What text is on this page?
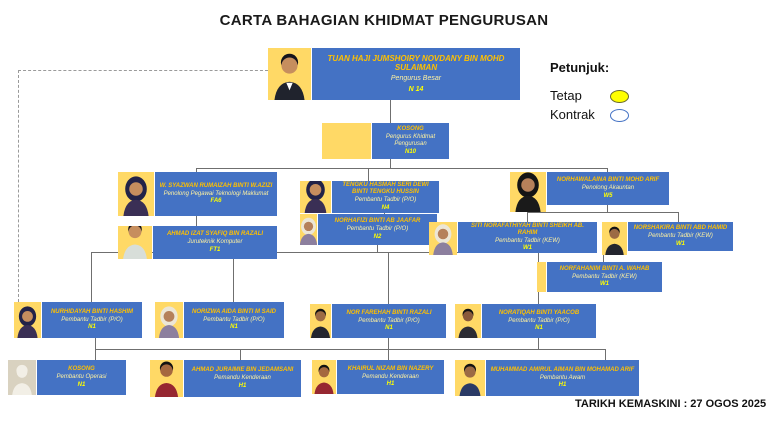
CARTA BAHAGIAN KHIDMAT PENGURUSAN
Petunjuk:
Tetap
Kontrak
TUAN HAJI JUMSHOIRY NOVDANY BIN MOHD SULAIMAN
Pengurus Besar
N 14
KOSONG
Pengurus Khidmat Pengurusan
N10
W. SYAZWAN RUMAIZAH BINTI W.AZIZI
Penolong Pegawai Teknologi Maklumat
FA6
AHMAD IZAT SYAFIQ BIN RAZALI
Juruteknik Komputer
FT1
TENGKU HASMAH SERI DEWI BINTI TENGKU HUSSIN
Pembantu Tadbir (P/O)
N4
NORHAFIZI BINTI AB JAAFAR
Pembantu Tadbir (P/O)
N2
NORHAWALAINA BINTI MOHD ARIF
Penolong Akauntan
W5
SITI NORAFATHIYAH BINTI SHEIKH AB. RAHIM
Pembantu Tadbir (KEW)
W1
NORSHAKIRA BINTI ABD HAMID
Pembantu Tadbir (KEW)
W1
NORFAHANIM BINTI A. WAHAB
Pembantu Tadbir (KEW)
W1
NURHIDAYAH BINTI HASHIM
Pembantu Tadbir (P/O)
N1
NORIZWA AIDA BINTI M SAID
Pembantu Tadbir (P/O)
N1
NOR FAREHAH BINTI RAZALI
Pembantu Tadbir (P/O)
N1
NORATIQAH BINTI YAACOB
Pembantu Tadbir (P/O)
N1
KOSONG
Pembantu Operasi
N1
AHMAD JURAIMIE BIN JEDAMSANI
Pemandu Kenderaan
H1
KHAIRUL NIZAM BIN NAZERY
Pemandu Kenderaan
H1
MUHAMMAD AMIRUL AIMAN BIN MOHAMAD ARIF
Pembantu Awam
H1
TARIKH KEMASKINI : 27 OGOS 2025
